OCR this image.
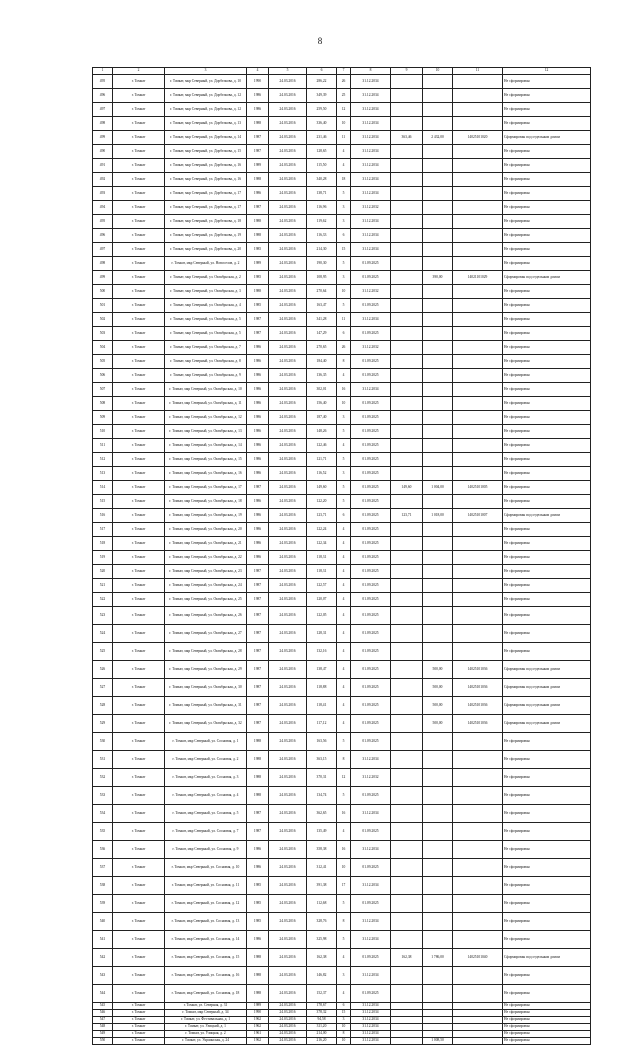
8
1	2	3	4	5	6	7	8	9	10	11	12
495	г. Томкат	г. Томкат, мкр Северный, ул. Дорбелкова, д. 10	1990	24.03.2016	286,22	26	31.12.2034				Не сформирован
496	г. Томкат	г. Томкат, мкр Северный, ул. Дорбелкова, д. 12	1986	24.03.2016	349,39	25	31.12.2034				Не сформирован
497	г. Томкат	г. Томкат, мкр Северный, ул. Дорбелкова, д. 12	1986	24.03.2016	259,50	12	31.12.2034				Не сформирован
498	г. Томкат	г. Томкат, мкр Северный, ул. Дорбелкова, д. 13	1988	24.03.2016	336,40	10	31.12.2034				Не сформирован
499	г. Томкат	г. Томкат, мкр Северный, ул. Дорбелкова, д. 14	1987	24.03.2016	231,46	11	31.12.2034	363,46	2 432,00	14025101020	Сформирован под отдельным домом
490	г. Томкат	г. Томкат, мкр Северный, ул. Дорбелкова, д. 15	1987	24.03.2016	128,65	4	31.12.2034				Не сформирован
491	г. Томкат	г. Томкат, мкр Северный, ул. Дорбелкова, д. 16	1989	24.03.2016	115,50	4	31.12.2034				Не сформирован
492	г. Томкат	г. Томкат, мкр Северный, ул. Дорбелкова, д. 16	1988	24.03.2016	340,28	18	31.12.2034				Не сформирован
493	г. Томкат	г. Томкат, мкр Северный, ул. Дорбелкова, д. 17	1986	24.03.2016	138,71	5	31.12.2034				Не сформирован
494	г. Томкат	г. Томкат, мкр Северный, ул. Дорбелкова, д. 17	1987	24.03.2016	116,96	3	31.12.2032				Не сформирован
495	г. Томкат	г. Томкат, мкр Северный, ул. Дорбелкова, д. 18	1988	24.03.2016	119,62	3	31.12.2034				Не сформирован
496	г. Томкат	г. Томкат, мкр Северный, ул. Дорбелкова, д. 19	1988	24.03.2016	116,33	6	31.12.2034				Не сформирован
497	г. Томкат	г. Томкат, мкр Северный, ул. Дорбелкова, д. 20	1985	24.03.2016	214,30	15	31.12.2034				Не сформирован
498	г. Томкат	г. Томкат, мкр Северный, ул. Новоселов, д. 2	1989	24.03.2016	190,30	5	01.09.2025				Не сформирован
499	г. Томкат	г. Томкат, мкр Северный, ул. Октябрьская, д. 2	1985	24.03.2016	108,95	3	01.09.2025		390,00	14021101029	Сформирован под отдельным домом
500	г. Томкат	г. Томкат, мкр Северный, ул. Октябрьская, д. 3	1988	24.03.2016	270,64	10	31.12.2032				Не сформирован
501	г. Томкат	г. Томкат, мкр Северный, ул. Октябрьская, д. 4	1985	24.03.2016	163,47	5	01.09.2025				Не сформирован
502	г. Томкат	г. Томкат, мкр Северный, ул. Октябрьская, д. 5	1987	24.03.2016	341,28	11	31.12.2034				Не сформирован
503	г. Томкат	г. Томкат, мкр Северный, ул. Октябрьская, д. 5	1987	24.03.2016	147,29	6	01.09.2025				Не сформирован
504	г. Томкат	г. Томкат, мкр Северный, ул. Октябрьская, д. 7	1986	24.03.2016	270,65	26	31.12.2032				Не сформирован
505	г. Томкат	г. Томкат, мкр Северный, ул. Октябрьская, д. 8	1986	24.03.2016	184,40	8	01.09.2025				Не сформирован
506	г. Томкат	г. Томкат, мкр Северный, ул. Октябрьская, д. 9	1986	24.03.2016	136,35	4	01.09.2025				Не сформирован
507	г. Томкат	г. Томкат, мкр Северный, ул. Октябрьская, д. 10	1986	24.03.2016	302,01	16	31.12.2034				Не сформирован
508	г. Томкат	г. Томкат, мкр Северный, ул. Октябрьская, д. 11	1986	24.03.2016	156,40	10	01.09.2025				Не сформирован
509	г. Томкат	г. Томкат, мкр Северный, ул. Октябрьская, д. 12	1986	24.03.2016	187,40	3	01.09.2025				Не сформирован
510	г. Томкат	г. Томкат, мкр Северный, ул. Октябрьская, д. 13	1986	24.03.2016	148,26	5	01.09.2025				Не сформирован
511	г. Томкат	г. Томкат, мкр Северный, ул. Октябрьская, д. 14	1986	24.03.2016	122,46	4	01.09.2025				Не сформирован
512	г. Томкат	г. Томкат, мкр Северный, ул. Октябрьская, д. 15	1986	24.03.2016	121,71	5	01.09.2025				Не сформирован
513	г. Томкат	г. Томкат, мкр Северный, ул. Октябрьская, д. 16	1986	24.03.2016	116,52	3	01.09.2025				Не сформирован
514	г. Томкат	г. Томкат, мкр Северный, ул. Октябрьская, д. 17	1987	24.03.2016	149,60	5	01.09.2025	149,60	1 004,00	14025101005	Не сформирован
515	г. Томкат	г. Томкат, мкр Северный, ул. Октябрьская, д. 18	1986	24.03.2016	122,20	5	01.09.2025				Не сформирован
516	г. Томкат	г. Томкат, мкр Северный, ул. Октябрьская, д. 19	1986	24.03.2016	123,71	6	01.09.2025	123,71	1 018,00	14025101007	Сформирован под отдельным домом
517	г. Томкат	г. Томкат, мкр Северный, ул. Октябрьская, д. 20	1986	24.03.2016	122,24	4	01.09.2025				Не сформирован
518	г. Томкат	г. Томкат, мкр Северный, ул. Октябрьская, д. 21	1986	24.03.2016	122,34	4	01.09.2025				Не сформирован
519	г. Томкат	г. Томкат, мкр Северный, ул. Октябрьская, д. 22	1986	24.03.2016	118,31	4	01.09.2025				Не сформирован
520	г. Томкат	г. Томкат, мкр Северный, ул. Октябрьская, д. 23	1987	24.03.2016	118,31	4	01.09.2025				Не сформирован
521	г. Томкат	г. Томкат, мкр Северный, ул. Октябрьская, д. 24	1987	24.03.2016	122,57	4	01.09.2025				Не сформирован
522	г. Томкат	г. Томкат, мкр Северный, ул. Октябрьская, д. 25	1987	24.03.2016	120,07	4	01.09.2025				Не сформирован
523	г. Томкат	г. Томкат, мкр Северный, ул. Октябрьская, д. 26	1987	24.03.2016	122,05	4	01.09.2025				Не сформирован
524	г. Томкат	г. Томкат, мкр Северный, ул. Октябрьская, д. 27	1987	24.03.2016	128,31	4	01.09.2025				Не сформирован
525	г. Томкат	г. Томкат, мкр Северный, ул. Октябрьская, д. 28	1987	24.03.2016	132,16	4	01.09.2025				Не сформирован
526	г. Томкат	г. Томкат, мкр Северный, ул. Октябрьская, д. 29	1987	24.03.2016	138,47	4	01.09.2025		500,00	14025101036	Сформирован под отдельным домом
527	г. Томкат	г. Томкат, мкр Северный, ул. Октябрьская, д. 30	1987	24.03.2016	118,88	4	01.09.2025		500,00	14025101036	Сформирован под отдельным домом
528	г. Томкат	г. Томкат, мкр Северный, ул. Октябрьская, д. 31	1987	24.03.2016	118,41	4	01.09.2025		500,00	14025101036	Сформирован под отдельным домом
529	г. Томкат	г. Томкат, мкр Северный, ул. Октябрьская, д. 32	1987	24.03.2016	117,12	4	01.09.2025		500,00	14025101036	Сформирован под отдельным домом
530	г. Томкат	г. Томкат, мкр Северный, ул. Сосновая, д. 1	1988	24.03.2016	163,56	5	01.09.2025				Не сформирован
531	г. Томкат	г. Томкат, мкр Северный, ул. Сосновая, д. 2	1988	24.03.2016	363,15	8	31.12.2034				Не сформирован
532	г. Томкат	г. Томкат, мкр Северный, ул. Сосновая, д. 3	1988	24.03.2016	370,31	12	31.12.2032				Не сформирован
533	г. Томкат	г. Томкат, мкр Северный, ул. Сосновая, д. 4	1988	24.03.2016	134,74	5	01.09.2025				Не сформирован
534	г. Томкат	г. Томкат, мкр Северный, ул. Сосновая, д. 5	1987	24.03.2016	362,65	16	31.12.2034				Не сформирован
535	г. Томкат	г. Томкат, мкр Северный, ул. Сосновая, д. 7	1987	24.03.2016	135,49	4	01.09.2025				Не сформирован
536	г. Томкат	г. Томкат, мкр Северный, ул. Сосновая, д. 9	1986	24.03.2016	358,38	16	31.12.2034				Не сформирован
537	г. Томкат	г. Томкат, мкр Северный, ул. Сосновая, д. 10	1986	24.03.2016	312,41	10	01.09.2025				Не сформирован
538	г. Томкат	г. Томкат, мкр Северный, ул. Сосновая, д. 11	1985	24.03.2016	391,38	17	31.12.2034				Не сформирован
539	г. Томкат	г. Томкат, мкр Северный, ул. Сосновая, д. 12	1985	24.03.2016	112,68	5	01.09.2025				Не сформирован
540	г. Томкат	г. Томкат, мкр Северный, ул. Сосновая, д. 13	1985	24.03.2016	328,76	8	31.12.2034				Не сформирован
541	г. Томкат	г. Томкат, мкр Северный, ул. Сосновая, д. 14	1986	24.03.2016	325,98	5	31.12.2034				Не сформирован
542	г. Томкат	г. Томкат, мкр Северный, ул. Сосновая, д. 15	1988	24.03.2016	162,38	4	01.09.2025	162,38	1 786,00	14025101040	Сформирован под отдельным домом
543	г. Томкат	г. Томкат, мкр Северный, ул. Сосновая, д. 16	1988	24.03.2016	146,82	3	31.12.2034				Не сформирован
544	г. Томкат	г. Томкат, мкр Северный, ул. Сосновая, д. 18	1988	24.03.2016	152,37	4	01.09.2025				Не сформирован
545	г. Томкат	г. Томкат, ул. Северная, д. 31	1989	24.03.2016	178,67	6	31.12.2034				Не сформирован
546	г. Томкат	г. Томкат, мкр Северный, д. 34	1990	24.03.2016	378,32	15	31.12.2034				Не сформирован
547	г. Томкат	г. Томкат, ул. Фестивальная, д. 1	1962	24.03.2016	94,58	3	31.12.2034				Не сформирован
548	г. Томкат	г. Томкат, ул. Улицкий, д. 1	1962	24.03.2016	311,20	10	31.12.2034				Не сформирован
549	г. Томкат	г. Томкат, ул. Улицкая, д. 2	1961	24.03.2016	214,00	8	31.12.2034				Не сформирован
550	г. Томкат	г. Томкат, ул. Украинская, д. 24	1962	24.03.2016	216,20	10	31.12.2034		1 008,50		Не сформирован
